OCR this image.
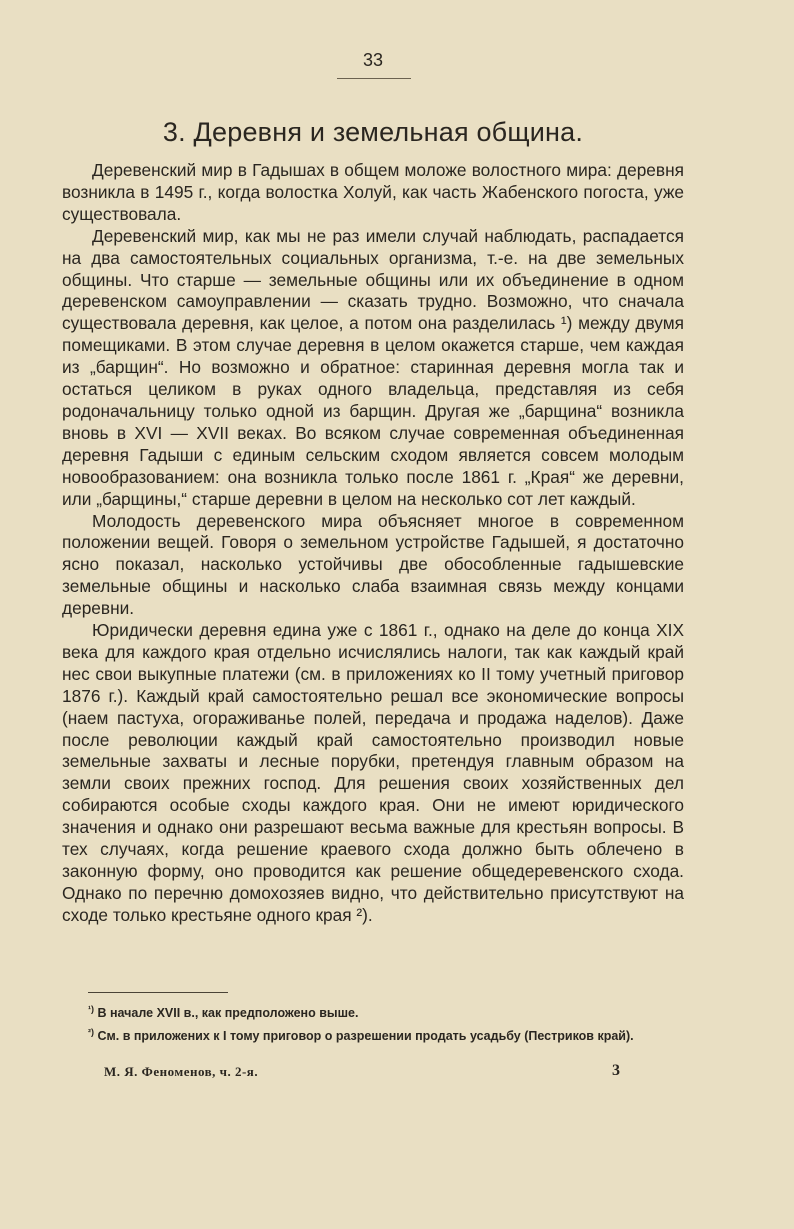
33
3. Деревня и земельная община.

Деревенский мир в Гадышах в общем моложе волостного мира: деревня возникла в 1495 г., когда волостка Холуй, как часть Жабенского погоста, уже существовала.

Деревенский мир, как мы не раз имели случай наблюдать, распадается на два самостоятельных социальных организма, т.-е. на две земельных общины. Что старше — земельные общины или их объединение в одном деревенском самоуправлении — сказать трудно. Возможно, что сначала существовала деревня, как целое, а потом она разделилась ¹) между двумя помещиками. В этом случае деревня в целом окажется старше, чем каждая из „барщин“. Но возможно и обратное: старинная деревня могла так и остаться целиком в руках одного владельца, представляя из себя родоначальницу только одной из барщин. Другая же „барщина“ возникла вновь в XVI — XVII веках. Во всяком случае современная объединенная деревня Гадыши с единым сельским сходом является совсем молодым новообразованием: она возникла только после 1861 г. „Края“ же деревни, или „барщины,“ старше деревни в целом на несколько сот лет каждый.

Молодость деревенского мира объясняет многое в современном положении вещей. Говоря о земельном устройстве Гадышей, я достаточно ясно показал, насколько устойчивы две обособленные гадышевские земельные общины и насколько слаба взаимная связь между концами деревни.

Юридически деревня едина уже с 1861 г., однако на деле до конца XIX века для каждого края отдельно исчислялись налоги, так как каждый край нес свои выкупные платежи (см. в приложениях ко II тому учетный приговор 1876 г.). Каждый край самостоятельно решал все экономические вопросы (наем пастуха, огораживанье полей, передача и продажа наделов). Даже после революции каждый край самостоятельно производил новые земельные захваты и лесные порубки, претендуя главным образом на земли своих прежних господ. Для решения своих хозяйственных дел собираются особые сходы каждого края. Они не имеют юридического значения и однако они разрешают весьма важные для крестьян вопросы. В тех случаях, когда решение краевого схода должно быть облечено в законную форму, оно проводится как решение общедеревенского схода. Однако по перечню домохозяев видно, что действительно присутствуют на сходе только крестьяне одного края ²).

$^{^1)}$ В начале XVII в., как предположено выше.

$^{^2)}$ См. в приложених к I тому приговор о разрешении продать усадьбу (Пестриков край).

М. Я. Феноменов, ч. 2-я.	3
